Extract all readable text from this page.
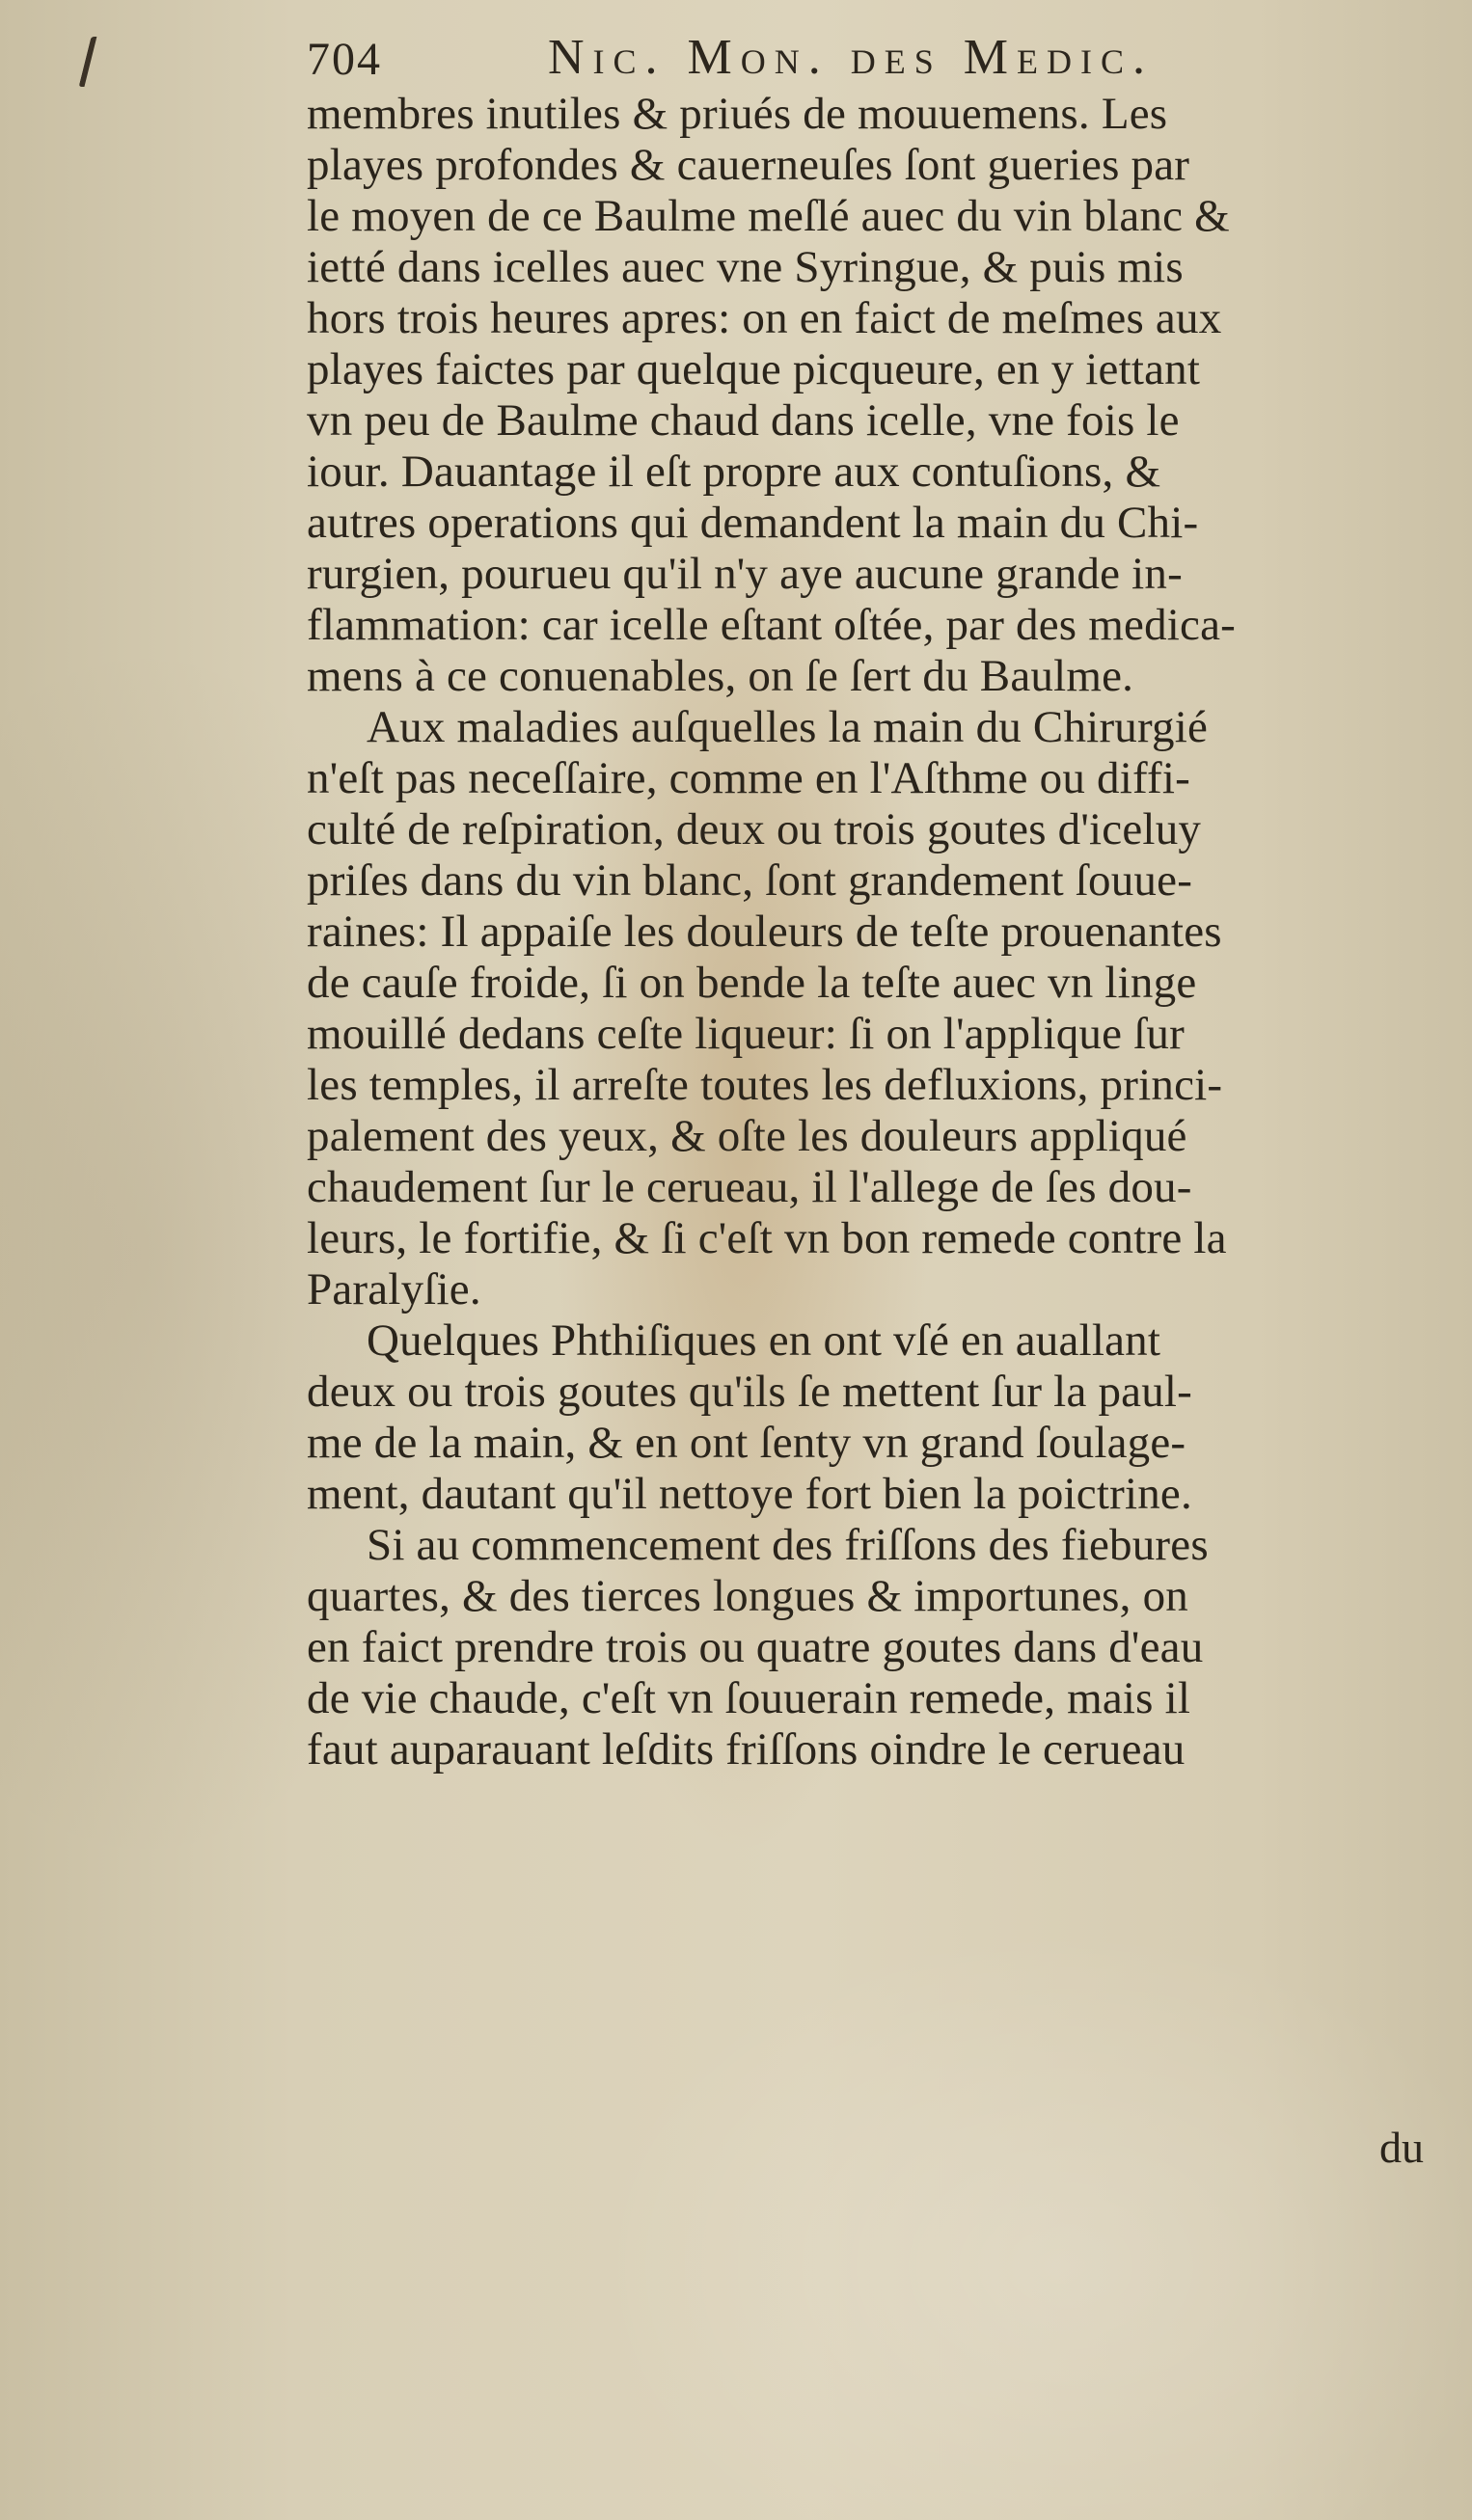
704	Nic. Mon. des Medic.
membres inutiles & priués de mouuemens. Les
playes profondes & cauerneuſes ſont gueries par
le moyen de ce Baulme meſlé auec du vin blanc &
ietté dans icelles auec vne Syringue, & puis mis
hors trois heures apres: on en faict de meſmes aux
playes faictes par quelque picqueure, en y iettant
vn peu de Baulme chaud dans icelle, vne fois le
iour. Dauantage il eſt propre aux contuſions, &
autres operations qui demandent la main du Chi-
rurgien, pourueu qu'il n'y aye aucune grande in-
flammation: car icelle eſtant oſtée, par des medica-
mens à ce conuenables, on ſe ſert du Baulme.
Aux maladies auſquelles la main du Chirurgié
n'eſt pas neceſſaire, comme en l'Aſthme ou diffi-
culté de reſpiration, deux ou trois goutes d'iceluy
priſes dans du vin blanc, ſont grandement ſouue-
raines: Il appaiſe les douleurs de teſte prouenantes
de cauſe froide, ſi on bende la teſte auec vn linge
mouillé dedans ceſte liqueur: ſi on l'applique ſur
les temples, il arreſte toutes les defluxions, princi-
palement des yeux, & oſte les douleurs appliqué
chaudement ſur le cerueau, il l'allege de ſes dou-
leurs, le fortifie, & ſi c'eſt vn bon remede contre la
Paralyſie.
Quelques Phthiſiques en ont vſé en auallant
deux ou trois goutes qu'ils ſe mettent ſur la paul-
me de la main, & en ont ſenty vn grand ſoulage-
ment, dautant qu'il nettoye fort bien la poictrine.
Si au commencement des friſſons des fiebures
quartes, & des tierces longues & importunes, on
en faict prendre trois ou quatre goutes dans d'eau
de vie chaude, c'eſt vn ſouuerain remede, mais il
faut auparauant leſdits friſſons oindre le cerueau
du
